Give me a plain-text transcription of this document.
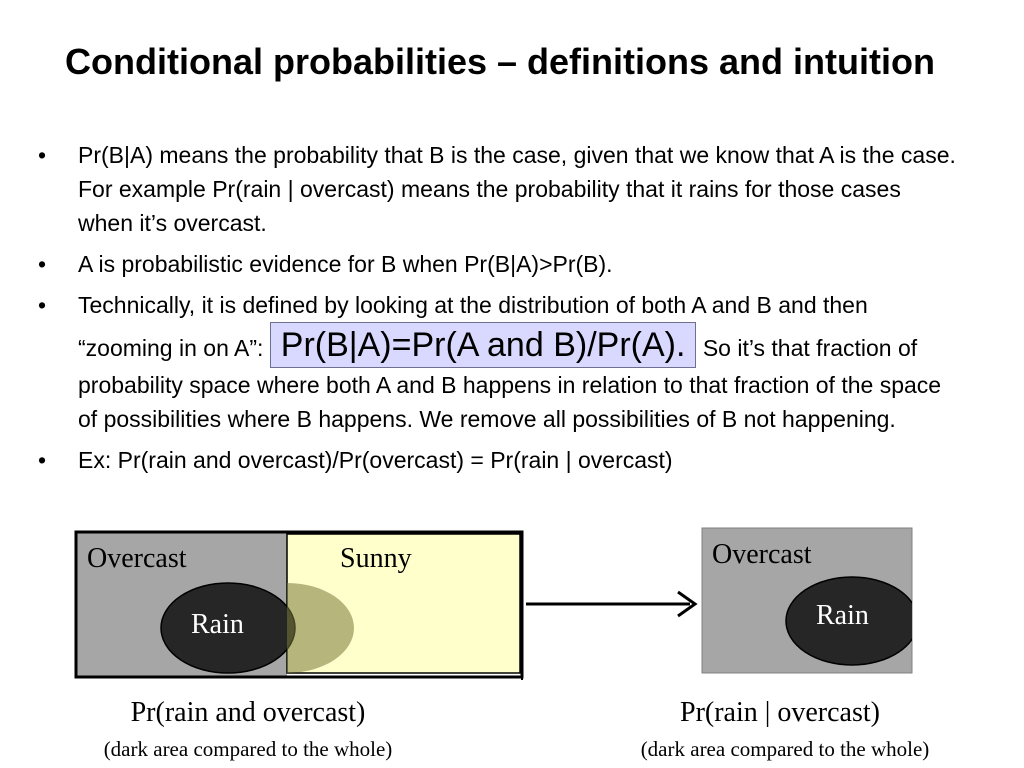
Conditional probabilities – definitions and intuition
• Pr(B|A) means the probability that B is the case, given that we know that A is the case. For example Pr(rain | overcast) means the probability that it rains for those cases when it’s overcast.
• A is probabilistic evidence for B when Pr(B|A)>Pr(B).
• Technically, it is defined by looking at the distribution of both A and B and then “zooming in on A”: Pr(B|A)=Pr(A and B)/Pr(A). So it’s that fraction of probability space where both A and B happens in relation to that fraction of the space of possibilities where B happens. We remove all possibilities of B not happening.
• Ex: Pr(rain and overcast)/Pr(overcast) = Pr(rain | overcast)
Overcast	Sunny
Rain
Overcast
Rain
Pr(rain and overcast)
(dark area compared to the whole)
Pr(rain | overcast)
(dark area compared to the whole)
